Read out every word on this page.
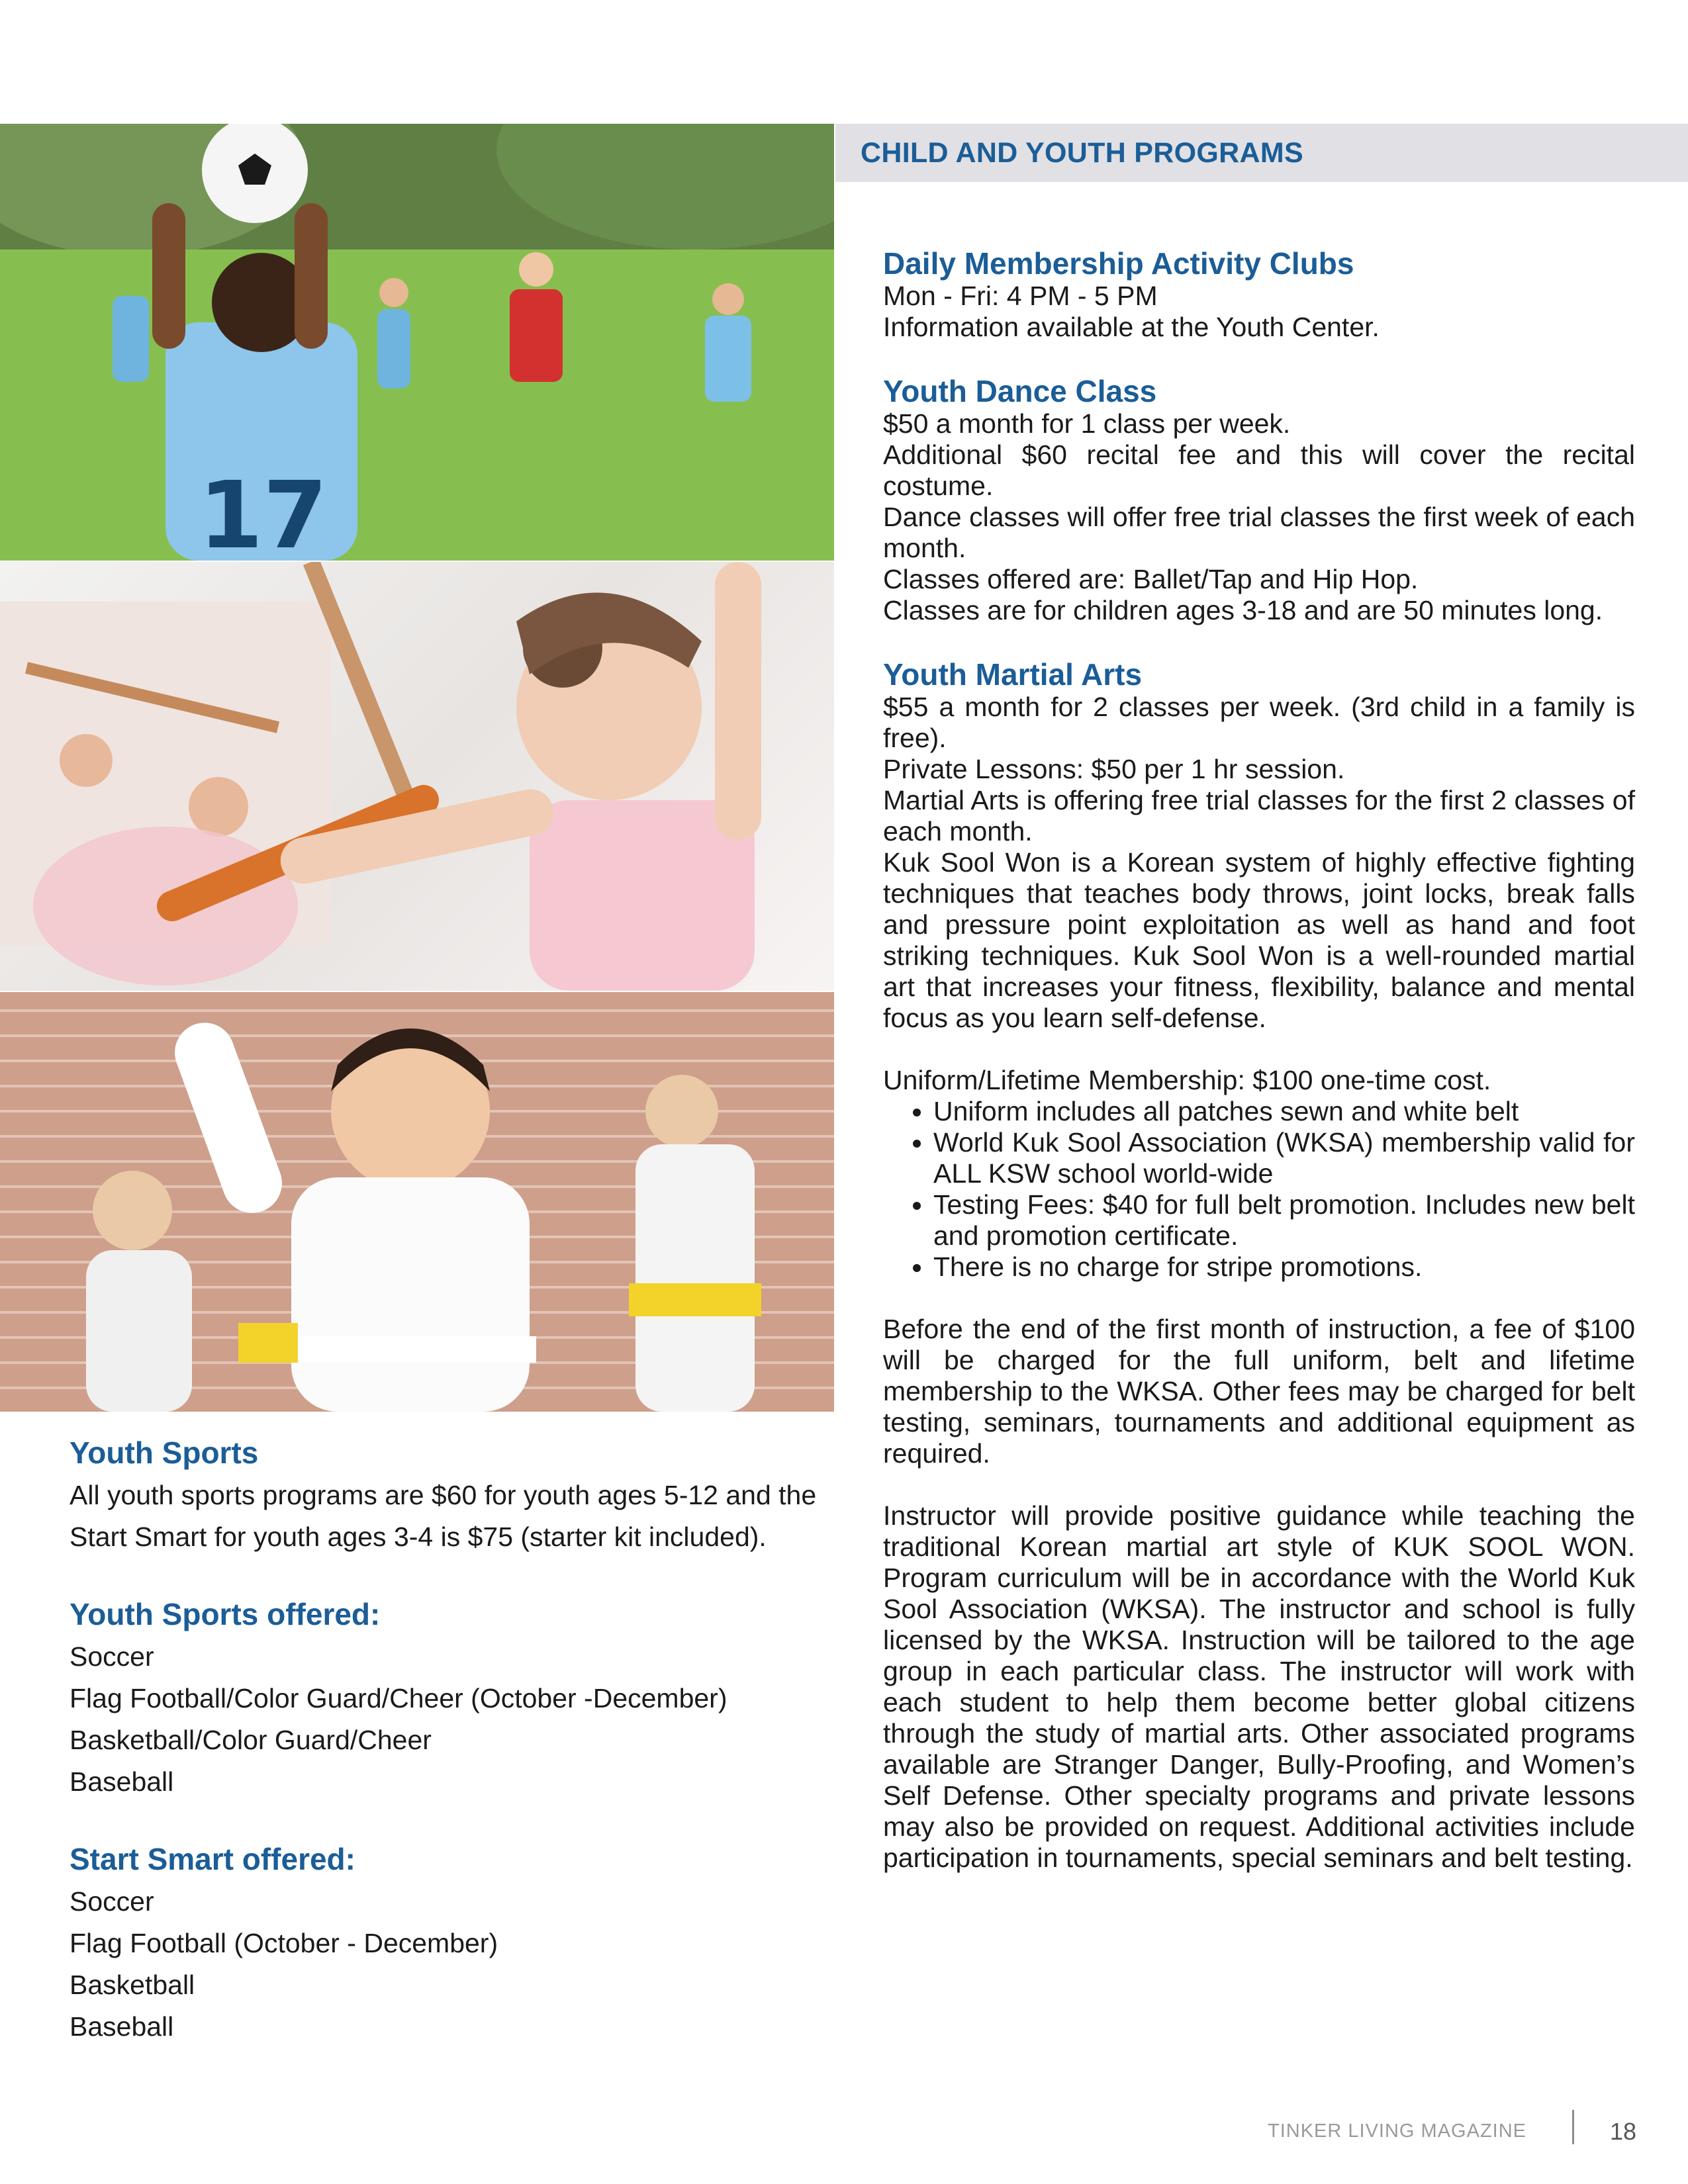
17
CHILD AND YOUTH PROGRAMS
Daily Membership Activity Clubs

Mon - Fri: 4 PM - 5 PM

Information available at the Youth Center.

Youth Dance Class

$50 a month for 1 class per week.

Additional $60 recital fee and this will cover the recital costume.

Dance classes will offer free trial classes the first week of each month.

Classes offered are: Ballet/Tap and Hip Hop.

Classes are for children ages 3-18 and are 50 minutes long.

Youth Martial Arts

$55 a month for 2 classes per week. (3rd child in a family is free).

Private Lessons: $50 per 1 hr session.

Martial Arts is offering free trial classes for the first 2 classes of each month.

Kuk Sool Won is a Korean system of highly effective fighting techniques that teaches body throws, joint locks, break falls and pressure point exploitation as well as hand and foot striking techniques. Kuk Sool Won is a well-rounded martial art that increases your fitness, flexibility, balance and mental focus as you learn self-defense.

Uniform/Lifetime Membership: $100 one-time cost.

• Uniform includes all patches sewn and white belt
• World Kuk Sool Association (WKSA) membership valid for ALL KSW school world-wide
• Testing Fees: $40 for full belt promotion. Includes new belt and promotion certificate.
• There is no charge for stripe promotions.

Before the end of the first month of instruction, a fee of $100 will be charged for the full uniform, belt and lifetime membership to the WKSA. Other fees may be charged for belt testing, seminars, tournaments and additional equipment as required.

Instructor will provide positive guidance while teaching the traditional Korean martial art style of KUK SOOL WON. Program curriculum will be in accordance with the World Kuk Sool Association (WKSA). The instructor and school is fully licensed by the WKSA. Instruction will be tailored to the age group in each particular class. The instructor will work with each student to help them become better global citizens through the study of martial arts. Other associated programs available are Stranger Danger, Bully-Proofing, and Women’s Self Defense. Other specialty programs and private lessons may also be provided on request. Additional activities include participation in tournaments, special seminars and belt testing.

Youth Sports

All youth sports programs are $60 for youth ages 5-12 and the Start Smart for youth ages 3-4 is $75 (starter kit included).

Youth Sports offered:

Soccer

Flag Football/Color Guard/Cheer (October -December)

Basketball/Color Guard/Cheer

Baseball

Start Smart offered:

Soccer

Flag Football (October - December)

Basketball

Baseball

TINKER LIVING MAGAZINE	18
